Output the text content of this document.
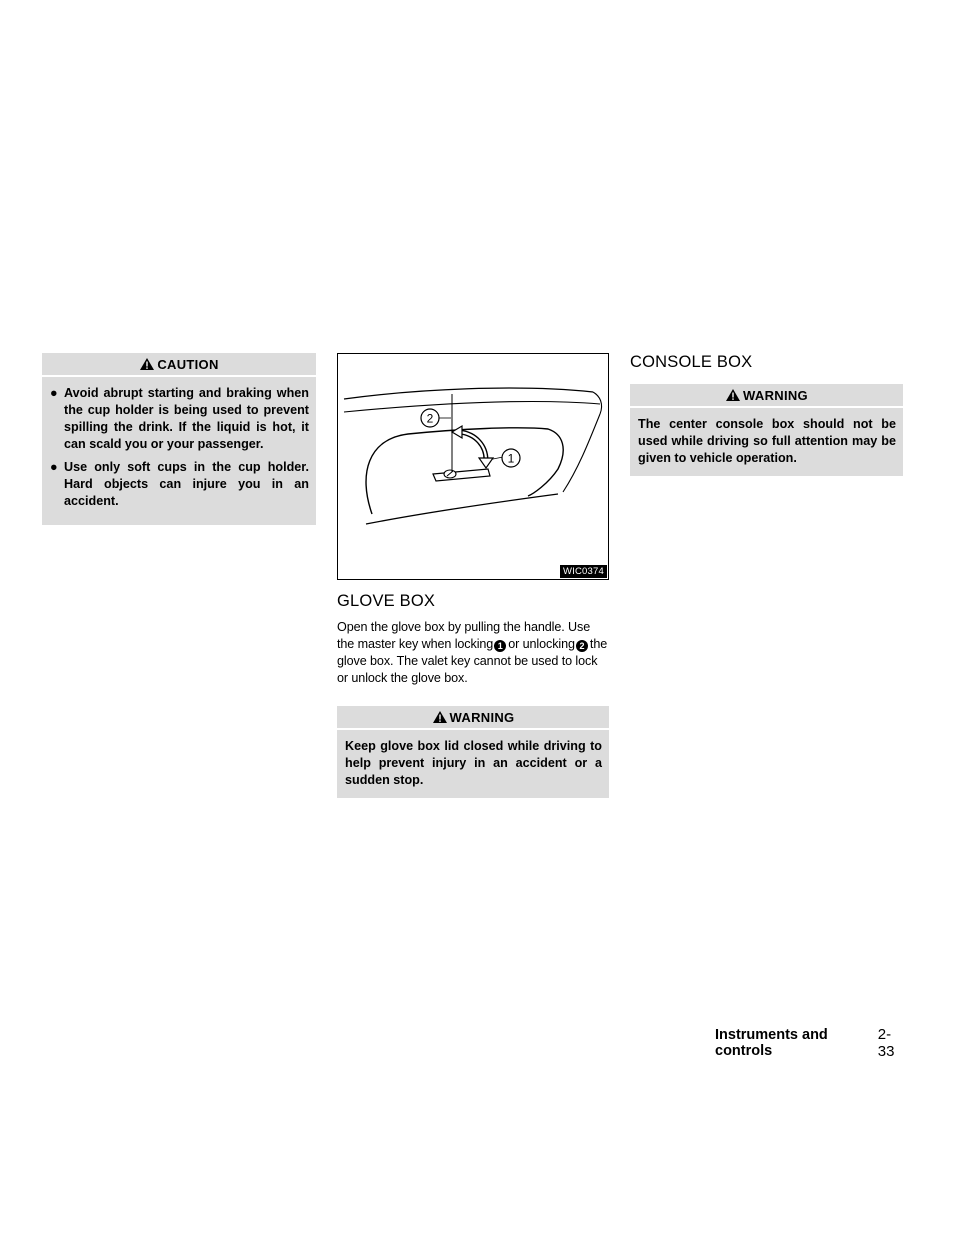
CAUTION
● Avoid abrupt starting and braking when the cup holder is being used to prevent spilling the drink. If the liquid is hot, it can scald you or your passenger.
● Use only soft cups in the cup holder. Hard objects can injure you in an accident.
2
1
WIC0374
GLOVE BOX

Open the glove box by pulling the handle. Use the master key when locking 1 or unlocking 2 the glove box. The valet key cannot be used to lock or unlock the glove box.

WARNING
Keep glove box lid closed while driving to help prevent injury in an accident or a sudden stop.
CONSOLE BOX
WARNING
The center console box should not be used while driving so full attention may be given to vehicle operation.
Instruments and controls
2-33
